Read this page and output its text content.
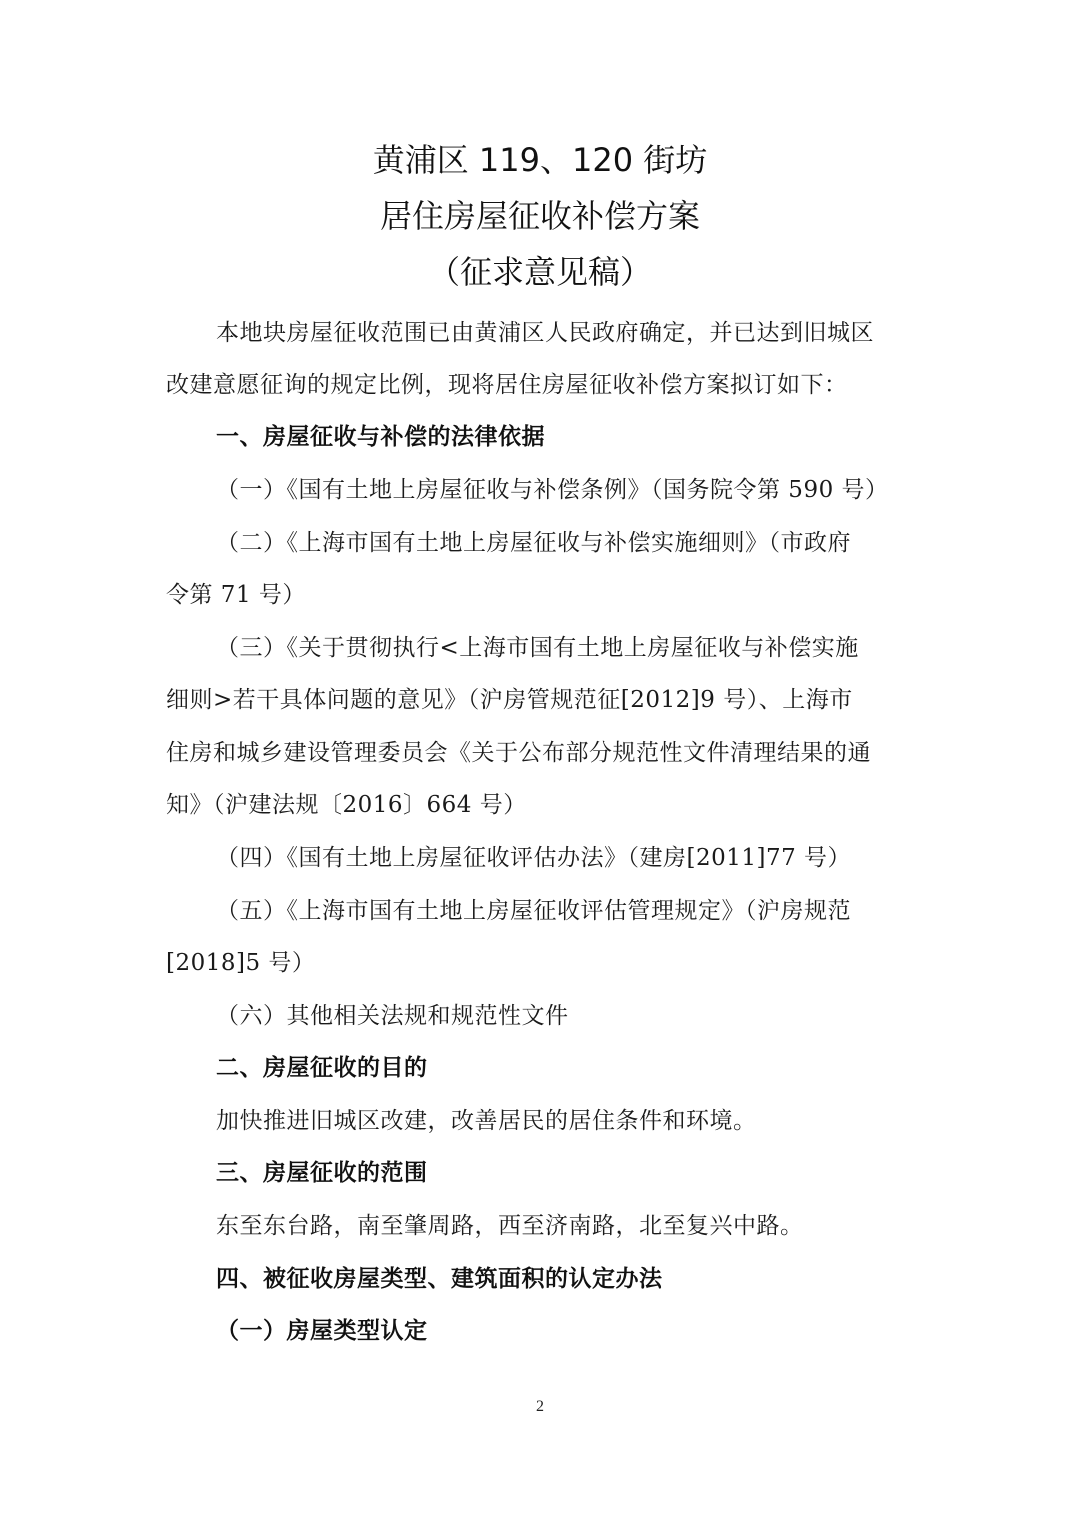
黄浦区 119、120 街坊
居住房屋征收补偿方案
（征求意见稿）
本地块房屋征收范围已由黄浦区人民政府确定，并已达到旧城区
改建意愿征询的规定比例，现将居住房屋征收补偿方案拟订如下：
一、房屋征收与补偿的法律依据
（一）《国有土地上房屋征收与补偿条例》（国务院令第 590 号）
（二）《上海市国有土地上房屋征收与补偿实施细则》（市政府
令第 71 号）
（三）《关于贯彻执行<上海市国有土地上房屋征收与补偿实施
细则>若干具体问题的意见》（沪房管规范征[2012]9 号）、上海市
住房和城乡建设管理委员会《关于公布部分规范性文件清理结果的通
知》（沪建法规〔2016〕664 号）
（四）《国有土地上房屋征收评估办法》（建房[2011]77 号）
（五）《上海市国有土地上房屋征收评估管理规定》（沪房规范
[2018]5 号）
（六）其他相关法规和规范性文件
二、房屋征收的目的
加快推进旧城区改建，改善居民的居住条件和环境。
三、房屋征收的范围
东至东台路，南至肇周路，西至济南路，北至复兴中路。
四、被征收房屋类型、建筑面积的认定办法
（一）房屋类型认定
2
